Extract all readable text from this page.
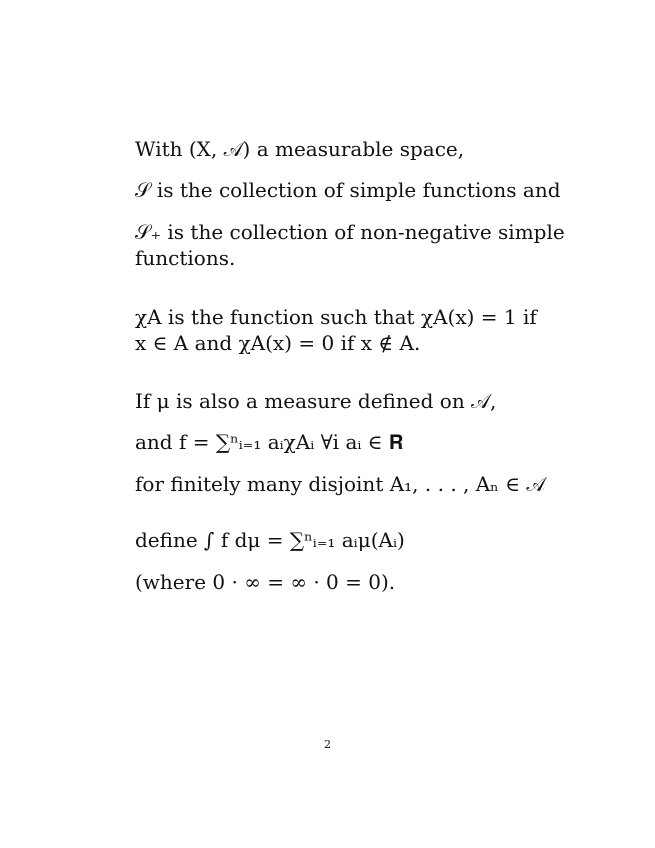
With (X, 𝒜) a measurable space,
𝒮 is the collection of simple functions and
𝒮₊ is the collection of non-negative simple
functions.
χA is the function such that χA(x) = 1 if
x ∈ A and χA(x) = 0 if x ∉ A.
If μ is also a measure defined on 𝒜,
and f = ∑ⁿᵢ₌₁ aᵢχAᵢ ∀i aᵢ ∈ 𝐑
for finitely many disjoint A₁, . . . , Aₙ ∈ 𝒜
define ∫ f dμ = ∑ⁿᵢ₌₁ aᵢμ(Aᵢ)
(where 0 · ∞ = ∞ · 0 = 0).
2
